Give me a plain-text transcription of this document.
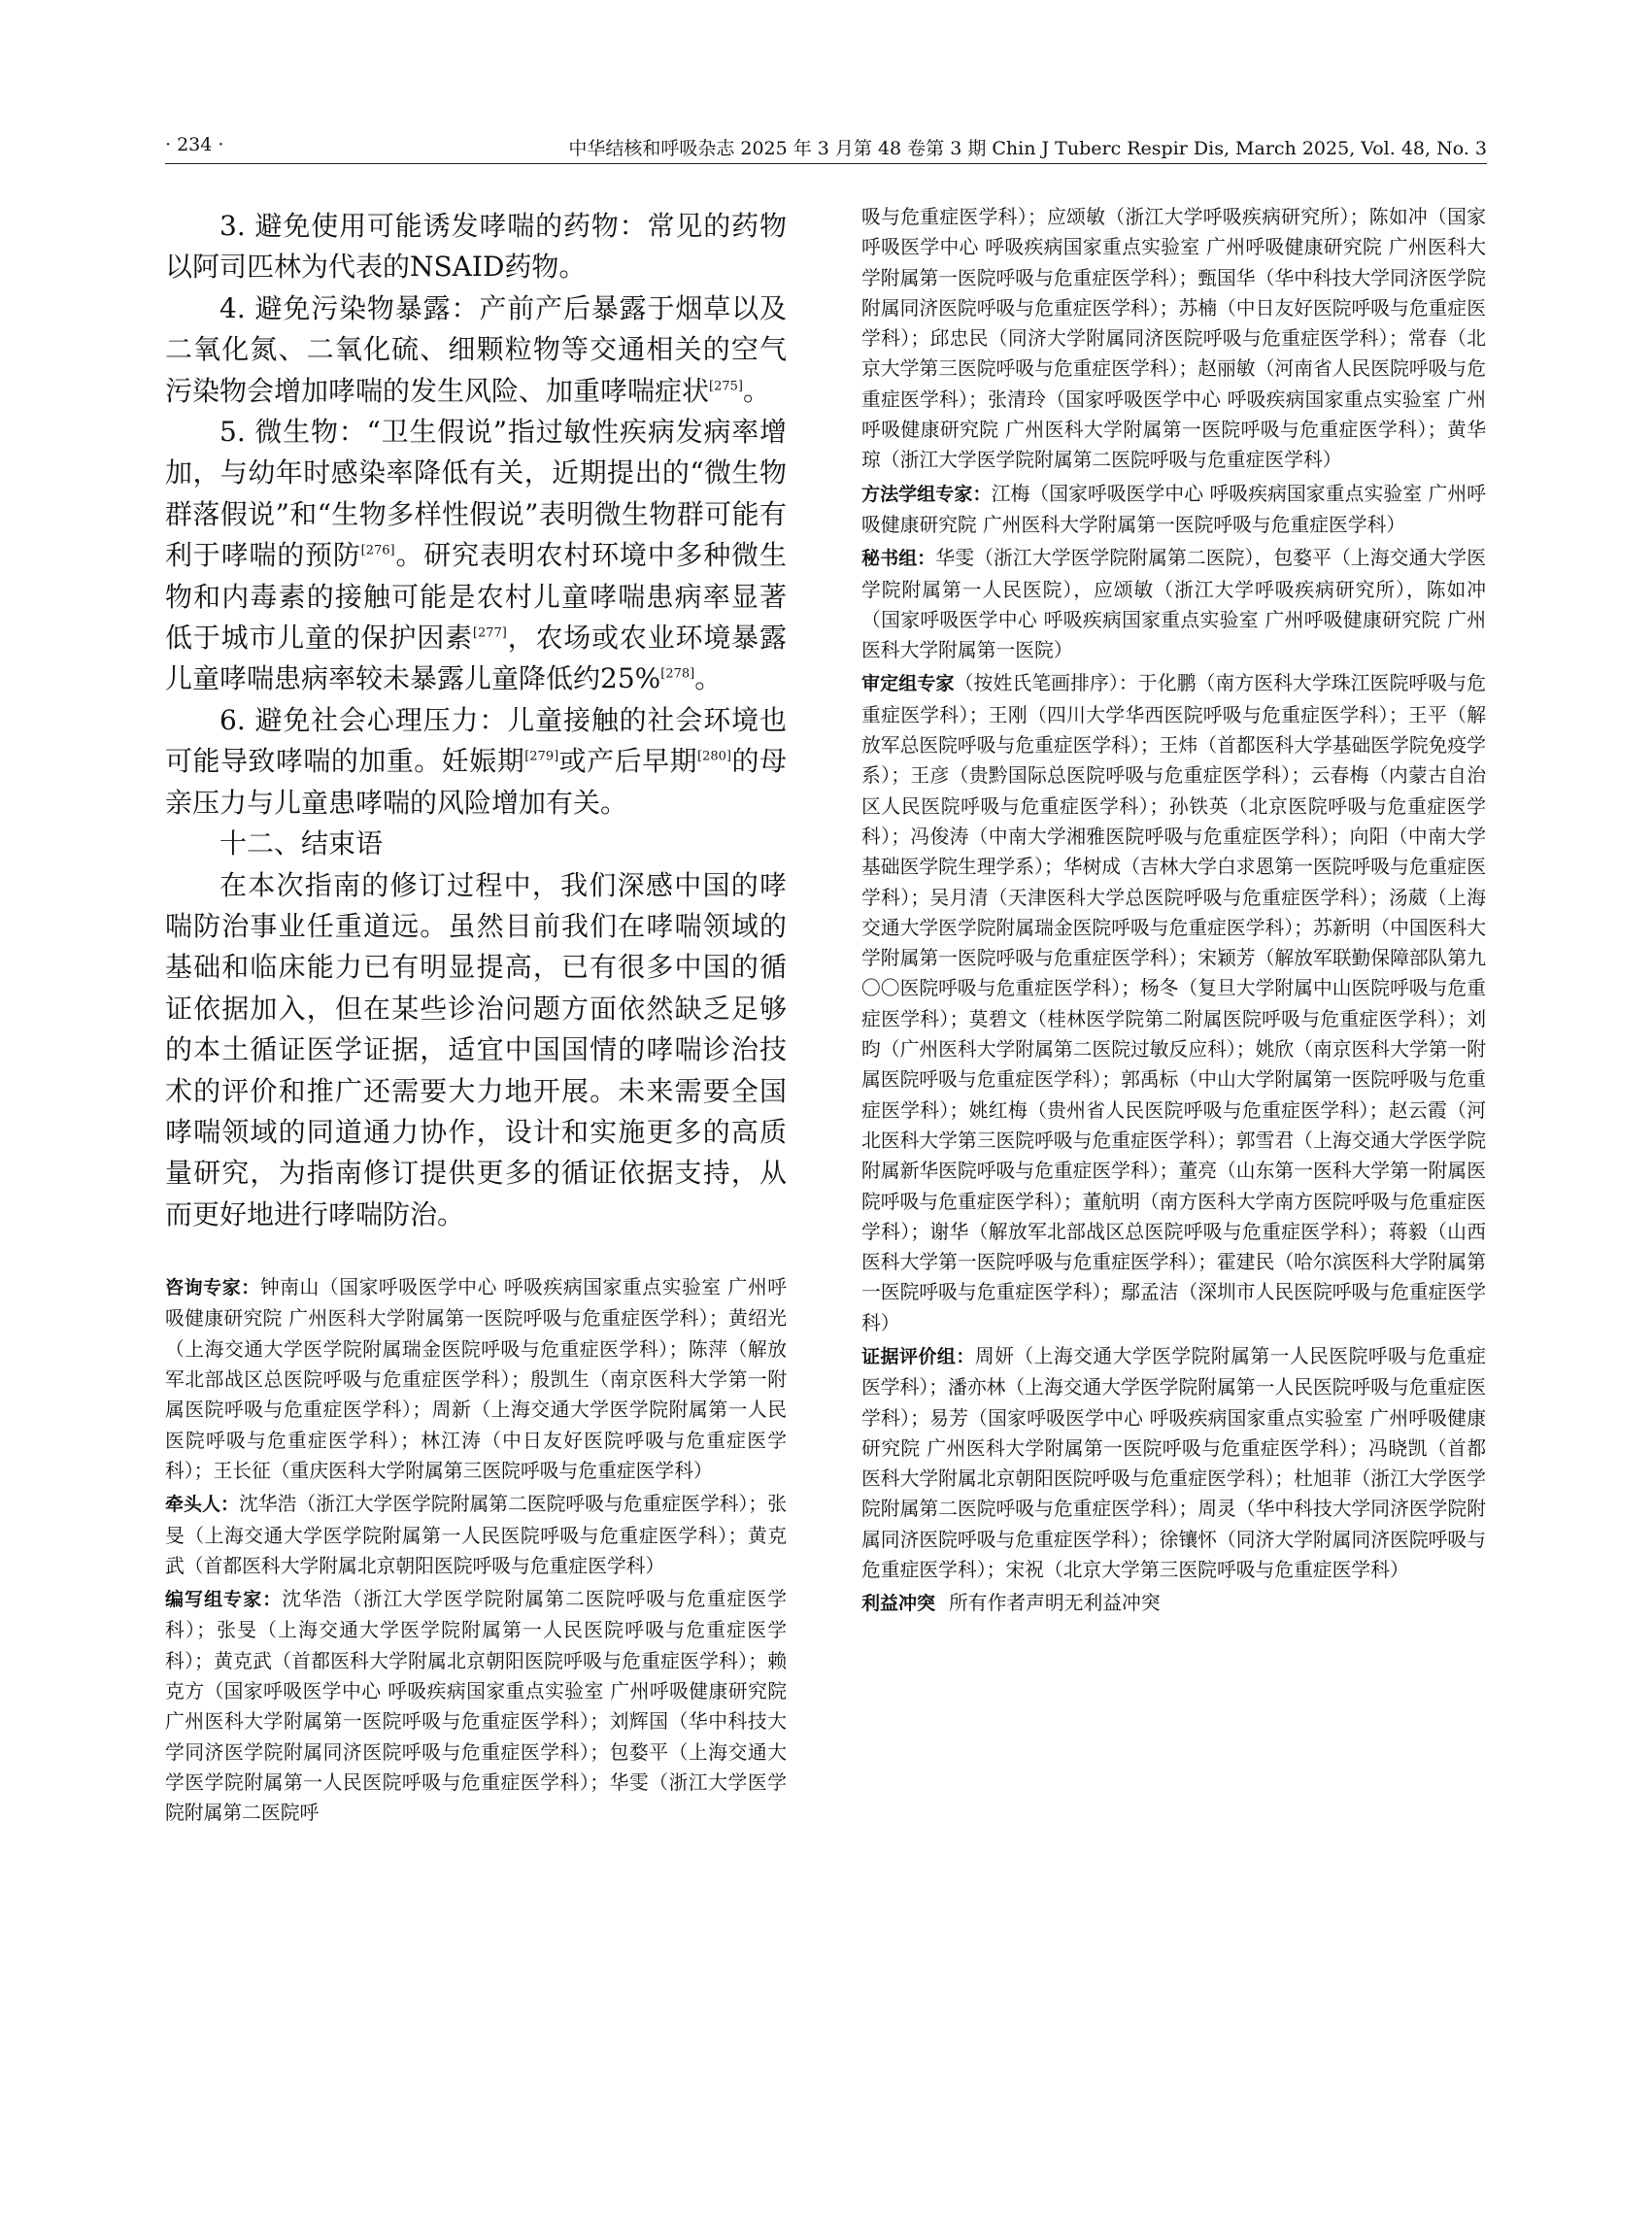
· 234 ·	中华结核和呼吸杂志 2025 年 3 月第 48 卷第 3 期 Chin J Tuberc Respir Dis, March 2025, Vol. 48, No. 3

3. 避免使用可能诱发哮喘的药物：常见的药物以阿司匹林为代表的NSAID药物。

4. 避免污染物暴露：产前产后暴露于烟草以及二氧化氮、二氧化硫、细颗粒物等交通相关的空气污染物会增加哮喘的发生风险、加重哮喘症状[275]。

5. 微生物：“卫生假说”指过敏性疾病发病率增加，与幼年时感染率降低有关，近期提出的“微生物群落假说”和“生物多样性假说”表明微生物群可能有利于哮喘的预防[276]。研究表明农村环境中多种微生物和内毒素的接触可能是农村儿童哮喘患病率显著低于城市儿童的保护因素[277]，农场或农业环境暴露儿童哮喘患病率较未暴露儿童降低约25%[278]。

6. 避免社会心理压力：儿童接触的社会环境也可能导致哮喘的加重。妊娠期[279]或产后早期[280]的母亲压力与儿童患哮喘的风险增加有关。

十二、结束语

在本次指南的修订过程中，我们深感中国的哮喘防治事业任重道远。虽然目前我们在哮喘领域的基础和临床能力已有明显提高，已有很多中国的循证依据加入，但在某些诊治问题方面依然缺乏足够的本土循证医学证据，适宜中国国情的哮喘诊治技术的评价和推广还需要大力地开展。未来需要全国哮喘领域的同道通力协作，设计和实施更多的高质量研究，为指南修订提供更多的循证依据支持，从而更好地进行哮喘防治。

咨询专家：钟南山（国家呼吸医学中心 呼吸疾病国家重点实验室 广州呼吸健康研究院 广州医科大学附属第一医院呼吸与危重症医学科）；黄绍光（上海交通大学医学院附属瑞金医院呼吸与危重症医学科）；陈萍（解放军北部战区总医院呼吸与危重症医学科）；殷凯生（南京医科大学第一附属医院呼吸与危重症医学科）；周新（上海交通大学医学院附属第一人民医院呼吸与危重症医学科）；林江涛（中日友好医院呼吸与危重症医学科）；王长征（重庆医科大学附属第三医院呼吸与危重症医学科）

牵头人：沈华浩（浙江大学医学院附属第二医院呼吸与危重症医学科）；张旻（上海交通大学医学院附属第一人民医院呼吸与危重症医学科）；黄克武（首都医科大学附属北京朝阳医院呼吸与危重症医学科）

编写组专家：沈华浩（浙江大学医学院附属第二医院呼吸与危重症医学科）；张旻（上海交通大学医学院附属第一人民医院呼吸与危重症医学科）；黄克武（首都医科大学附属北京朝阳医院呼吸与危重症医学科）；赖克方（国家呼吸医学中心 呼吸疾病国家重点实验室 广州呼吸健康研究院 广州医科大学附属第一医院呼吸与危重症医学科）；刘辉国（华中科技大学同济医学院附属同济医院呼吸与危重症医学科）；包婺平（上海交通大学医学院附属第一人民医院呼吸与危重症医学科）；华雯（浙江大学医学院附属第二医院呼

吸与危重症医学科）；应颂敏（浙江大学呼吸疾病研究所）；陈如冲（国家呼吸医学中心 呼吸疾病国家重点实验室 广州呼吸健康研究院 广州医科大学附属第一医院呼吸与危重症医学科）；甄国华（华中科技大学同济医学院附属同济医院呼吸与危重症医学科）；苏楠（中日友好医院呼吸与危重症医学科）；邱忠民（同济大学附属同济医院呼吸与危重症医学科）；常春（北京大学第三医院呼吸与危重症医学科）；赵丽敏（河南省人民医院呼吸与危重症医学科）；张清玲（国家呼吸医学中心 呼吸疾病国家重点实验室 广州呼吸健康研究院 广州医科大学附属第一医院呼吸与危重症医学科）；黄华琼（浙江大学医学院附属第二医院呼吸与危重症医学科）

方法学组专家：江梅（国家呼吸医学中心 呼吸疾病国家重点实验室 广州呼吸健康研究院 广州医科大学附属第一医院呼吸与危重症医学科）

秘书组：华雯（浙江大学医学院附属第二医院），包婺平（上海交通大学医学院附属第一人民医院），应颂敏（浙江大学呼吸疾病研究所），陈如冲（国家呼吸医学中心 呼吸疾病国家重点实验室 广州呼吸健康研究院 广州医科大学附属第一医院）

审定组专家（按姓氏笔画排序）：于化鹏（南方医科大学珠江医院呼吸与危重症医学科）；王刚（四川大学华西医院呼吸与危重症医学科）；王平（解放军总医院呼吸与危重症医学科）；王炜（首都医科大学基础医学院免疫学系）；王彦（贵黔国际总医院呼吸与危重症医学科）；云春梅（内蒙古自治区人民医院呼吸与危重症医学科）；孙铁英（北京医院呼吸与危重症医学科）；冯俊涛（中南大学湘雅医院呼吸与危重症医学科）；向阳（中南大学基础医学院生理学系）；华树成（吉林大学白求恩第一医院呼吸与危重症医学科）；吴月清（天津医科大学总医院呼吸与危重症医学科）；汤葳（上海交通大学医学院附属瑞金医院呼吸与危重症医学科）；苏新明（中国医科大学附属第一医院呼吸与危重症医学科）；宋颖芳（解放军联勤保障部队第九〇〇医院呼吸与危重症医学科）；杨冬（复旦大学附属中山医院呼吸与危重症医学科）；莫碧文（桂林医学院第二附属医院呼吸与危重症医学科）；刘昀（广州医科大学附属第二医院过敏反应科）；姚欣（南京医科大学第一附属医院呼吸与危重症医学科）；郭禹标（中山大学附属第一医院呼吸与危重症医学科）；姚红梅（贵州省人民医院呼吸与危重症医学科）；赵云霞（河北医科大学第三医院呼吸与危重症医学科）；郭雪君（上海交通大学医学院附属新华医院呼吸与危重症医学科）；董亮（山东第一医科大学第一附属医院呼吸与危重症医学科）；董航明（南方医科大学南方医院呼吸与危重症医学科）；谢华（解放军北部战区总医院呼吸与危重症医学科）；蒋毅（山西医科大学第一医院呼吸与危重症医学科）；霍建民（哈尔滨医科大学附属第一医院呼吸与危重症医学科）；鄢孟洁（深圳市人民医院呼吸与危重症医学科）

证据评价组：周妍（上海交通大学医学院附属第一人民医院呼吸与危重症医学科）；潘亦林（上海交通大学医学院附属第一人民医院呼吸与危重症医学科）；易芳（国家呼吸医学中心 呼吸疾病国家重点实验室 广州呼吸健康研究院 广州医科大学附属第一医院呼吸与危重症医学科）；冯晓凯（首都医科大学附属北京朝阳医院呼吸与危重症医学科）；杜旭菲（浙江大学医学院附属第二医院呼吸与危重症医学科）；周灵（华中科技大学同济医学院附属同济医院呼吸与危重症医学科）；徐镶怀（同济大学附属同济医院呼吸与危重症医学科）；宋祝（北京大学第三医院呼吸与危重症医学科）

利益冲突 所有作者声明无利益冲突
